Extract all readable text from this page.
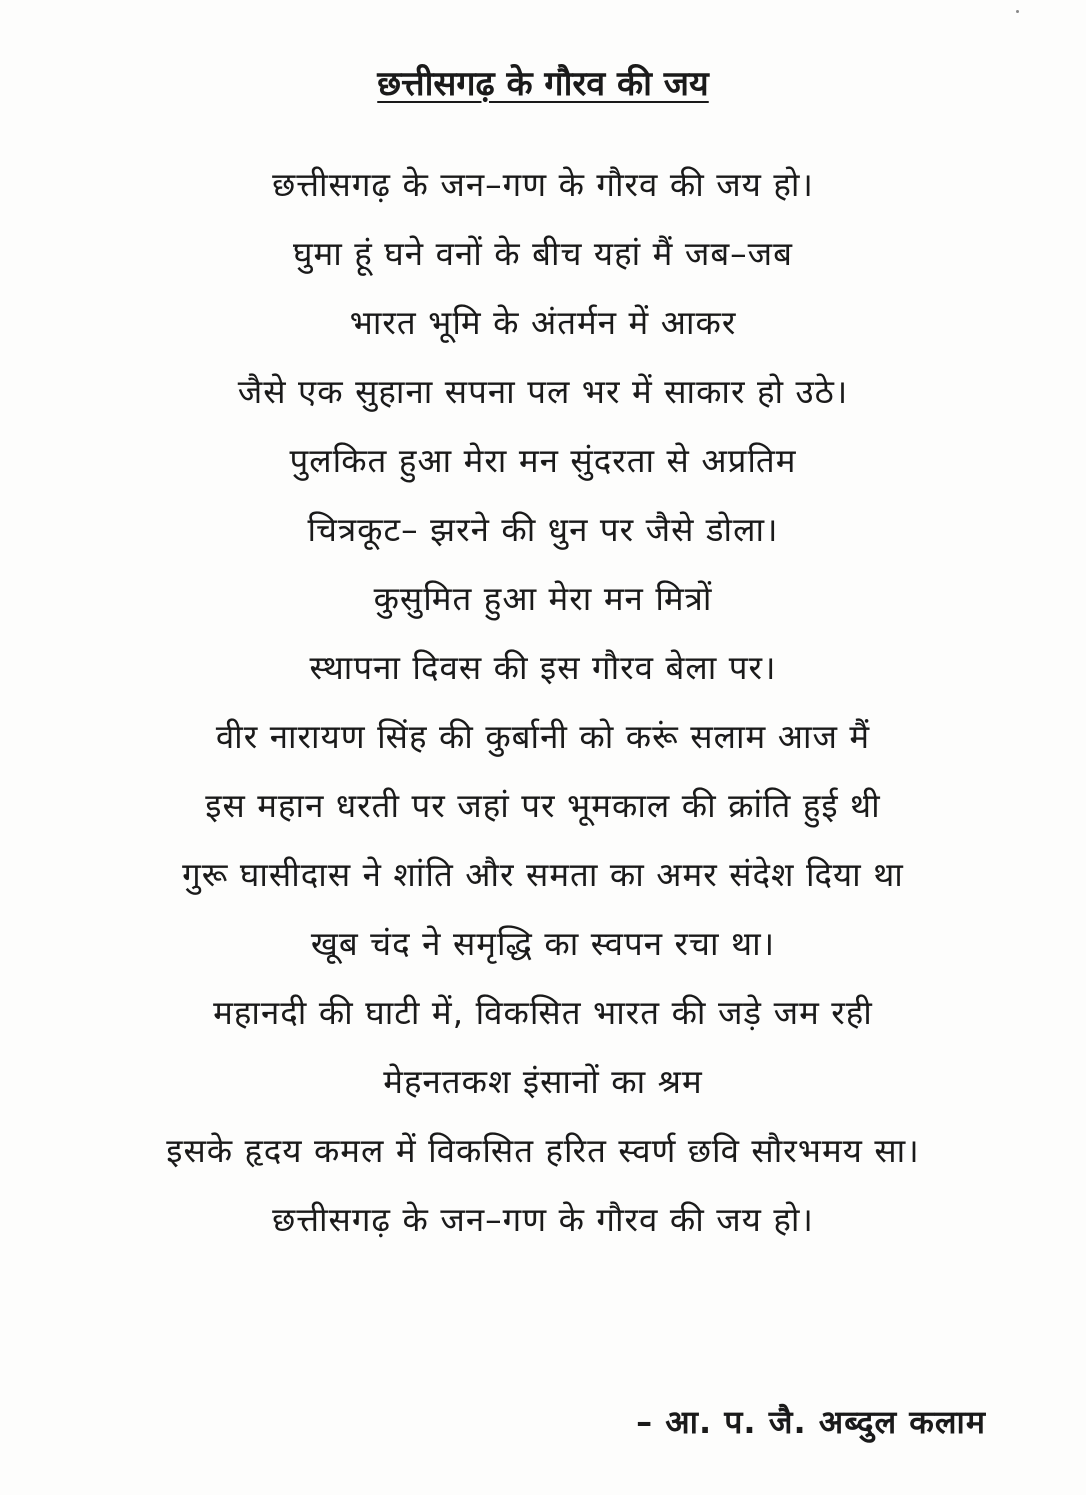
छत्तीसगढ़ के गौरव की जय
छत्तीसगढ़ के जन–गण के गौरव की जय हो।
घुमा हूं घने वनों के बीच यहां मैं जब–जब
भारत भूमि के अंतर्मन में आकर
जैसे एक सुहाना सपना पल भर में साकार हो उठे।
पुलकित हुआ मेरा मन सुंदरता से अप्रतिम
चित्रकूट– झरने की धुन पर जैसे डोला।
कुसुमित हुआ मेरा मन मित्रों
स्थापना दिवस की इस गौरव बेला पर।
वीर नारायण सिंह की कुर्बानी को करूं सलाम आज मैं
इस महान धरती पर जहां पर भूमकाल की क्रांति हुई थी
गुरू घासीदास ने शांति और समता का अमर संदेश दिया था
खूब चंद ने समृद्धि का स्वपन रचा था।
महानदी की घाटी में, विकसित भारत की जड़े जम रही
मेहनतकश इंसानों का श्रम
इसके हृदय कमल में विकसित हरित स्वर्ण छवि सौरभमय सा।
छत्तीसगढ़ के जन–गण के गौरव की जय हो।
– आ. प. जै. अब्दुल कलाम
